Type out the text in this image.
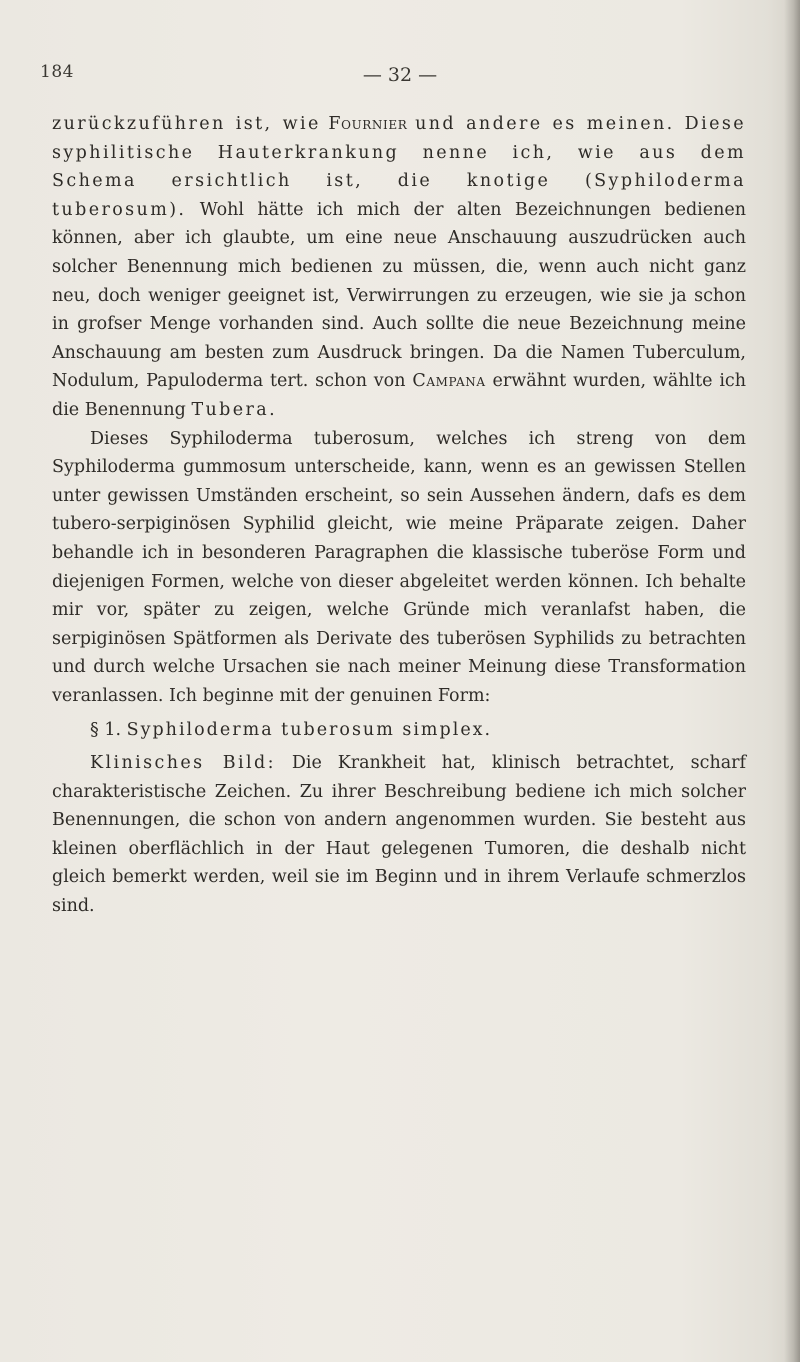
184	— 32 —

zurückzuführen ist, wie Fournier und andere es meinen. Diese syphilitische Hauterkrankung nenne ich, wie aus dem Schema ersichtlich ist, die knotige (Syphiloderma tuberosum). Wohl hätte ich mich der alten Bezeichnungen bedienen können, aber ich glaubte, um eine neue Anschauung auszudrücken auch solcher Benennung mich bedienen zu müssen, die, wenn auch nicht ganz neu, doch weniger geeignet ist, Verwirrungen zu erzeugen, wie sie ja schon in grofser Menge vorhanden sind. Auch sollte die neue Bezeichnung meine Anschauung am besten zum Ausdruck bringen. Da die Namen Tuberculum, Nodulum, Papuloderma tert. schon von Campana erwähnt wurden, wählte ich die Benennung Tubera.

Dieses Syphiloderma tuberosum, welches ich streng von dem Syphiloderma gummosum unterscheide, kann, wenn es an gewissen Stellen unter gewissen Umständen erscheint, so sein Aussehen ändern, dafs es dem tubero-serpiginösen Syphilid gleicht, wie meine Präparate zeigen. Daher behandle ich in besonderen Paragraphen die klassische tuberöse Form und diejenigen Formen, welche von dieser abgeleitet werden können. Ich behalte mir vor, später zu zeigen, welche Gründe mich veranlafst haben, die serpiginösen Spätformen als Derivate des tuberösen Syphilids zu betrachten und durch welche Ursachen sie nach meiner Meinung diese Transformation veranlassen. Ich beginne mit der genuinen Form:

§ 1. Syphiloderma tuberosum simplex.

Klinisches Bild: Die Krankheit hat, klinisch betrachtet, scharf charakteristische Zeichen. Zu ihrer Beschreibung bediene ich mich solcher Benennungen, die schon von andern angenommen wurden. Sie besteht aus kleinen oberflächlich in der Haut gelegenen Tumoren, die deshalb nicht gleich bemerkt werden, weil sie im Beginn und in ihrem Verlaufe schmerzlos sind.
